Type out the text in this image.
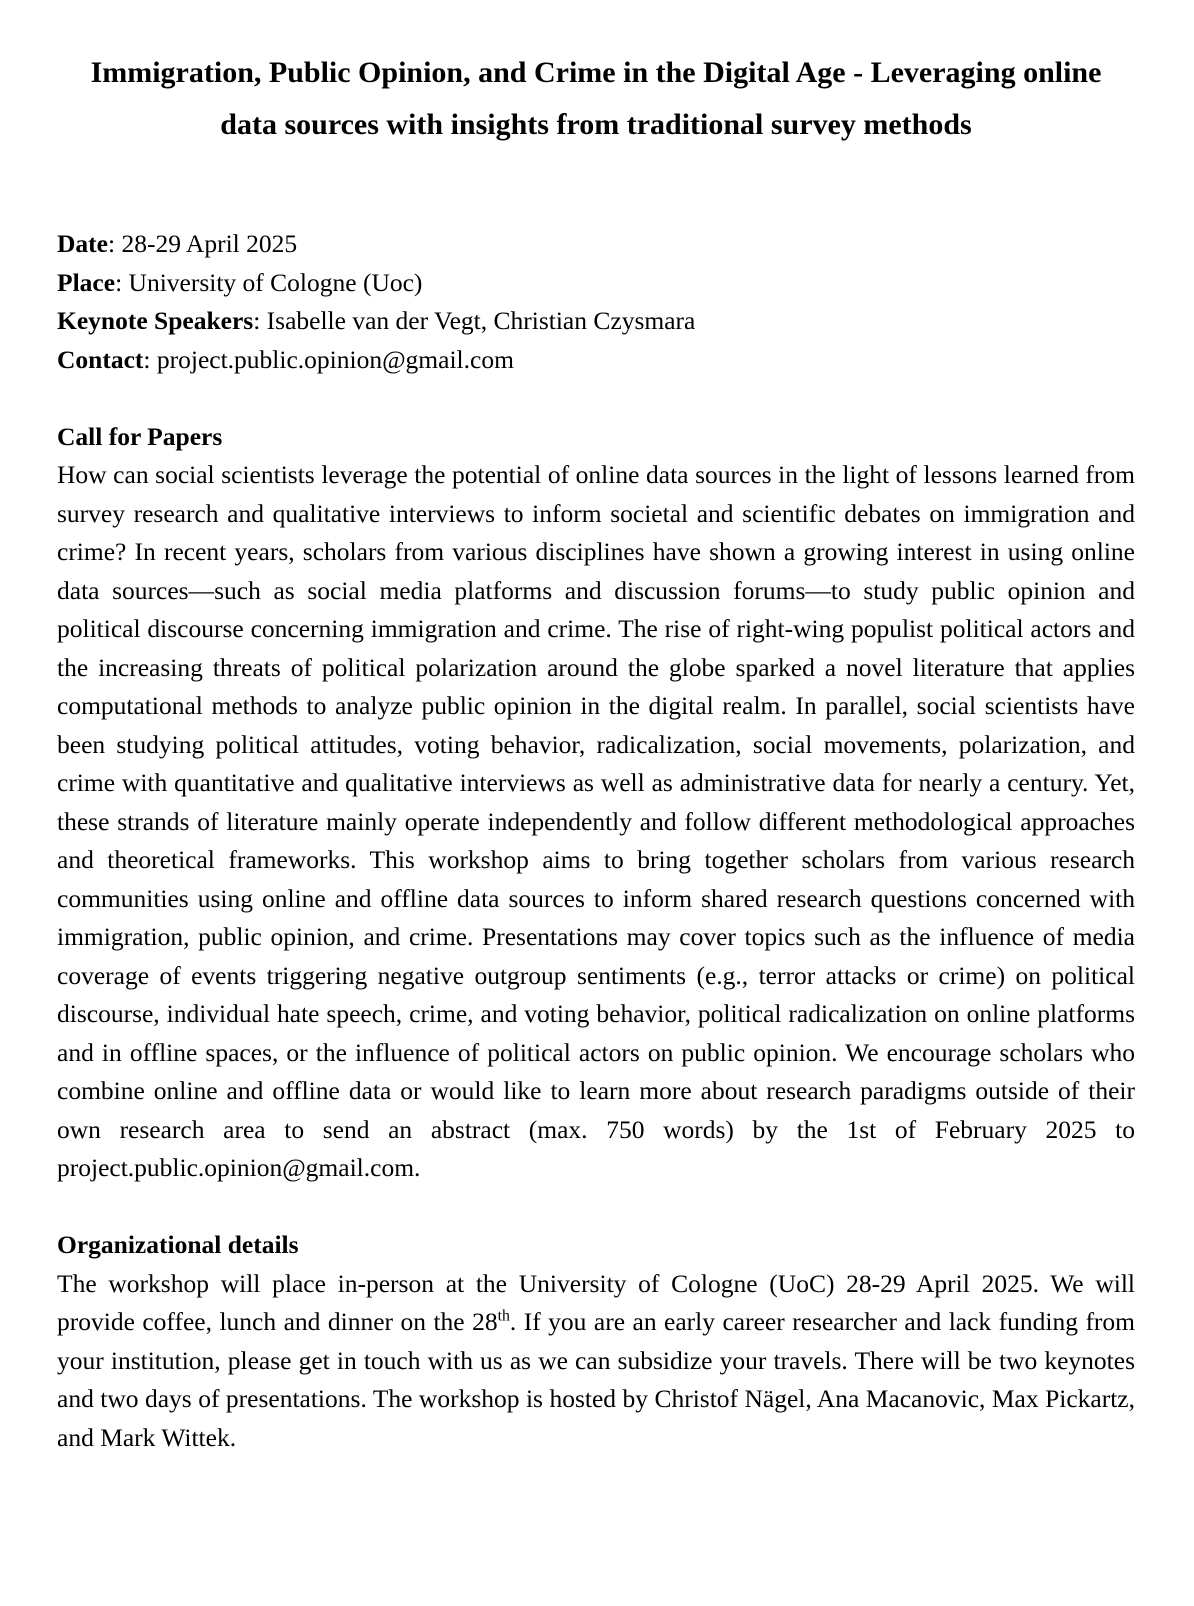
Immigration, Public Opinion, and Crime in the Digital Age - Leveraging online data sources with insights from traditional survey methods

Date: 28-29 April 2025

Place: University of Cologne (Uoc)

Keynote Speakers: Isabelle van der Vegt, Christian Czysmara

Contact: project.public.opinion@gmail.com

Call for Papers

How can social scientists leverage the potential of online data sources in the light of lessons learned from survey research and qualitative interviews to inform societal and scientific debates on immigration and crime? In recent years, scholars from various disciplines have shown a growing interest in using online data sources—such as social media platforms and discussion forums—to study public opinion and political discourse concerning immigration and crime. The rise of right-wing populist political actors and the increasing threats of political polarization around the globe sparked a novel literature that applies computational methods to analyze public opinion in the digital realm. In parallel, social scientists have been studying political attitudes, voting behavior, radicalization, social movements, polarization, and crime with quantitative and qualitative interviews as well as administrative data for nearly a century. Yet, these strands of literature mainly operate independently and follow different methodological approaches and theoretical frameworks. This workshop aims to bring together scholars from various research communities using online and offline data sources to inform shared research questions concerned with immigration, public opinion, and crime. Presentations may cover topics such as the influence of media coverage of events triggering negative outgroup sentiments (e.g., terror attacks or crime) on political discourse, individual hate speech, crime, and voting behavior, political radicalization on online platforms and in offline spaces, or the influence of political actors on public opinion. We encourage scholars who combine online and offline data or would like to learn more about research paradigms outside of their own research area to send an abstract (max. 750 words) by the 1st of February 2025 to project.public.opinion@gmail.com.

Organizational details

The workshop will place in-person at the University of Cologne (UoC) 28-29 April 2025. We will provide coffee, lunch and dinner on the 28th. If you are an early career researcher and lack funding from your institution, please get in touch with us as we can subsidize your travels. There will be two keynotes and two days of presentations. The workshop is hosted by Christof Nägel, Ana Macanovic, Max Pickartz, and Mark Wittek.
